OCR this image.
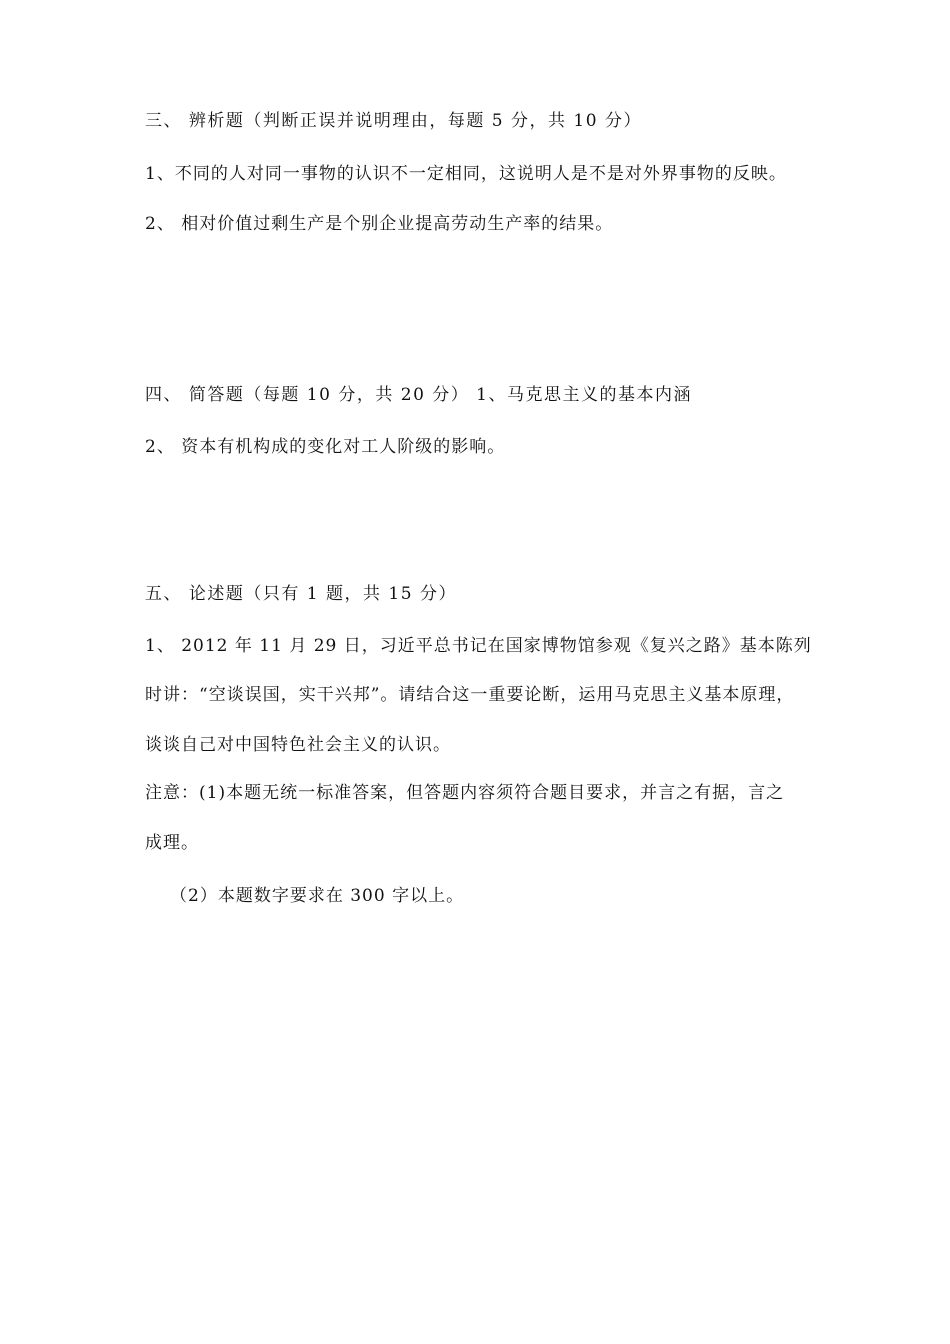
三、 辨析题（判断正误并说明理由，每题 5 分，共 10 分）
1、不同的人对同一事物的认识不一定相同，这说明人是不是对外界事物的反映。
2、 相对价值过剩生产是个别企业提高劳动生产率的结果。
四、 简答题（每题 10 分，共 20 分） 1、马克思主义的基本内涵
2、 资本有机构成的变化对工人阶级的影响。
五、 论述题（只有 1 题，共 15 分）
1、 2012 年 11 月 29 日，习近平总书记在国家博物馆参观《复兴之路》基本陈列
时讲：“空谈误国，实干兴邦”。请结合这一重要论断，运用马克思主义基本原理，
谈谈自己对中国特色社会主义的认识。
注意：(1)本题无统一标准答案，但答题内容须符合题目要求，并言之有据，言之
成理。
（2）本题数字要求在 300 字以上。
